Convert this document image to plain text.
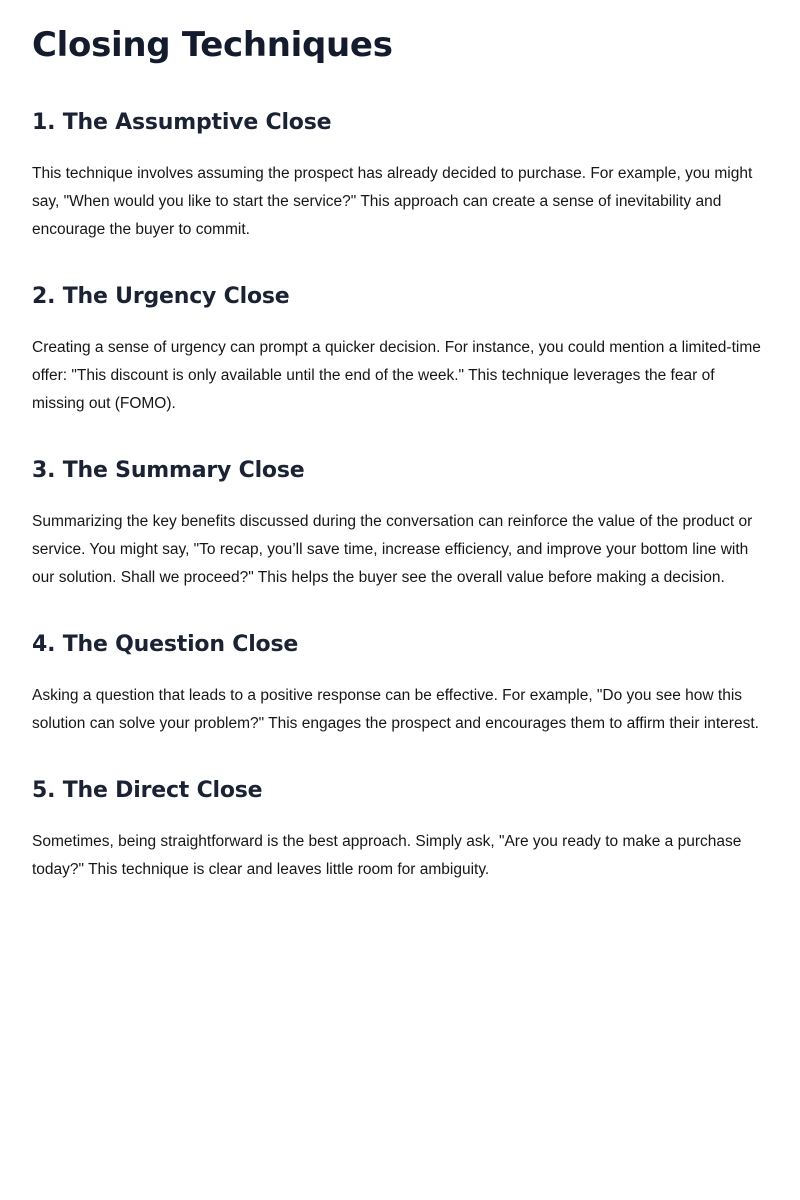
Closing Techniques
1. The Assumptive Close

This technique involves assuming the prospect has already decided to purchase. For example, you might say, "When would you like to start the service?" This approach can create a sense of inevitability and encourage the buyer to commit.

2. The Urgency Close

Creating a sense of urgency can prompt a quicker decision. For instance, you could mention a limited-time offer: "This discount is only available until the end of the week." This technique leverages the fear of missing out (FOMO).

3. The Summary Close

Summarizing the key benefits discussed during the conversation can reinforce the value of the product or service. You might say, "To recap, you’ll save time, increase efficiency, and improve your bottom line with our solution. Shall we proceed?" This helps the buyer see the overall value before making a decision.

4. The Question Close

Asking a question that leads to a positive response can be effective. For example, "Do you see how this solution can solve your problem?" This engages the prospect and encourages them to affirm their interest.

5. The Direct Close

Sometimes, being straightforward is the best approach. Simply ask, "Are you ready to make a purchase today?" This technique is clear and leaves little room for ambiguity.
